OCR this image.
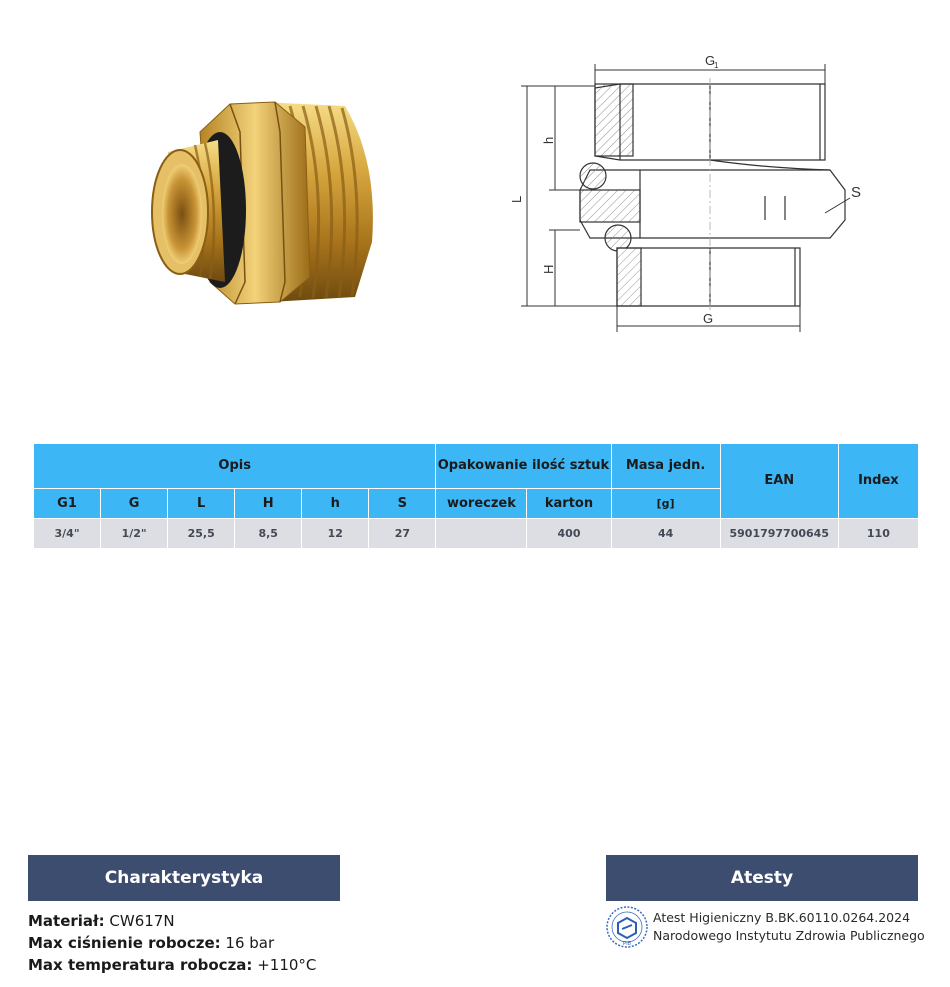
G
1
G
L
h
H
S
Opis						Opakowanie ilość sztuk		Masa jedn.	EAN	Index
G1	G	L	H	h	S	woreczek	karton	[g]		
3/4"	1/2"	25,5	8,5	12	27		400	44	5901797700645	110
Charakterystyka
Materiał: CW617N
Max ciśnienie robocze: 16 bar
Max temperatura robocza: +110°C
Atesty
PIB
Atest Higieniczny B.BK.60110.0264.2024
Narodowego Instytutu Zdrowia Publicznego
